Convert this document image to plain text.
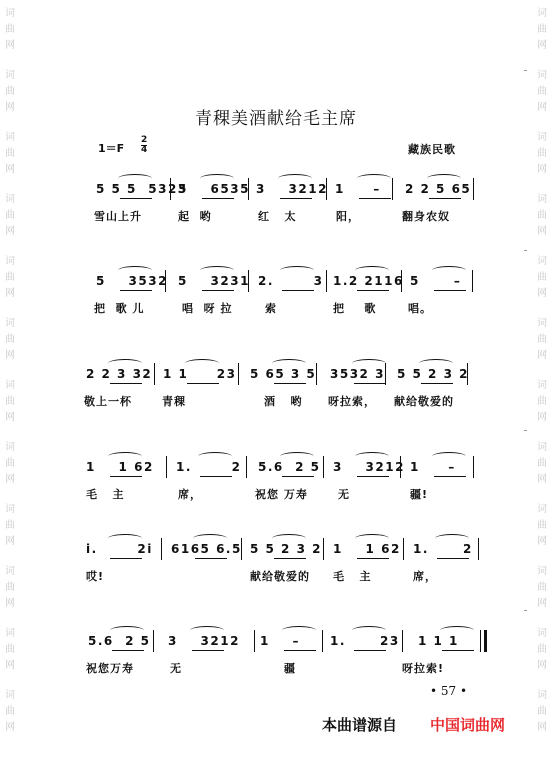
词
曲
网
词
曲
网
词
曲
网
词
曲
网
词
曲
网
词
曲
网
词
曲
网
词
曲
网
词
曲
网
词
曲
网
词
曲
网
词
曲
网
词
曲
网
词
曲
网
词
曲
网
词
曲
网
词
曲
网
词
曲
网
词
曲
网
词
曲
网
词
曲
网
词
曲
网
词
曲
网
词
曲
网
青稞美酒献给毛主席
$1=F \frac{2}{4}$	藏族民歌
5 5 5  5323
5    6535 3    3212 1     – 2 2 5 65
雪山上升	起  哟	红   太	阳，	翻身农奴
5    3532 5    3231 2.       3 1.2 2116 5      –
把  歌 儿	唱  呀 拉	索	把    歌	唱。
2 2 3 32 1 1     23 5 65 3 5 3532 3 5 5 2 3 2
敬上一杯	青稞	酒   哟 呀拉索， 献给敬爱的
1    1 62 1.       2 5.6  2 5 3    3212 1     –
毛   主	席，	祝您 万寿	无	疆!
i.       2i 6165 6.5 5 5 2 3 2 1    1 62 1.      2
哎!	献给敬爱的 毛   主	席，
5.6  2 5 3    3212 1    – 1.      23 1 1 1
祝您万寿	无	疆	呀拉索!
• 57 •
本曲谱源自 中国词曲网
